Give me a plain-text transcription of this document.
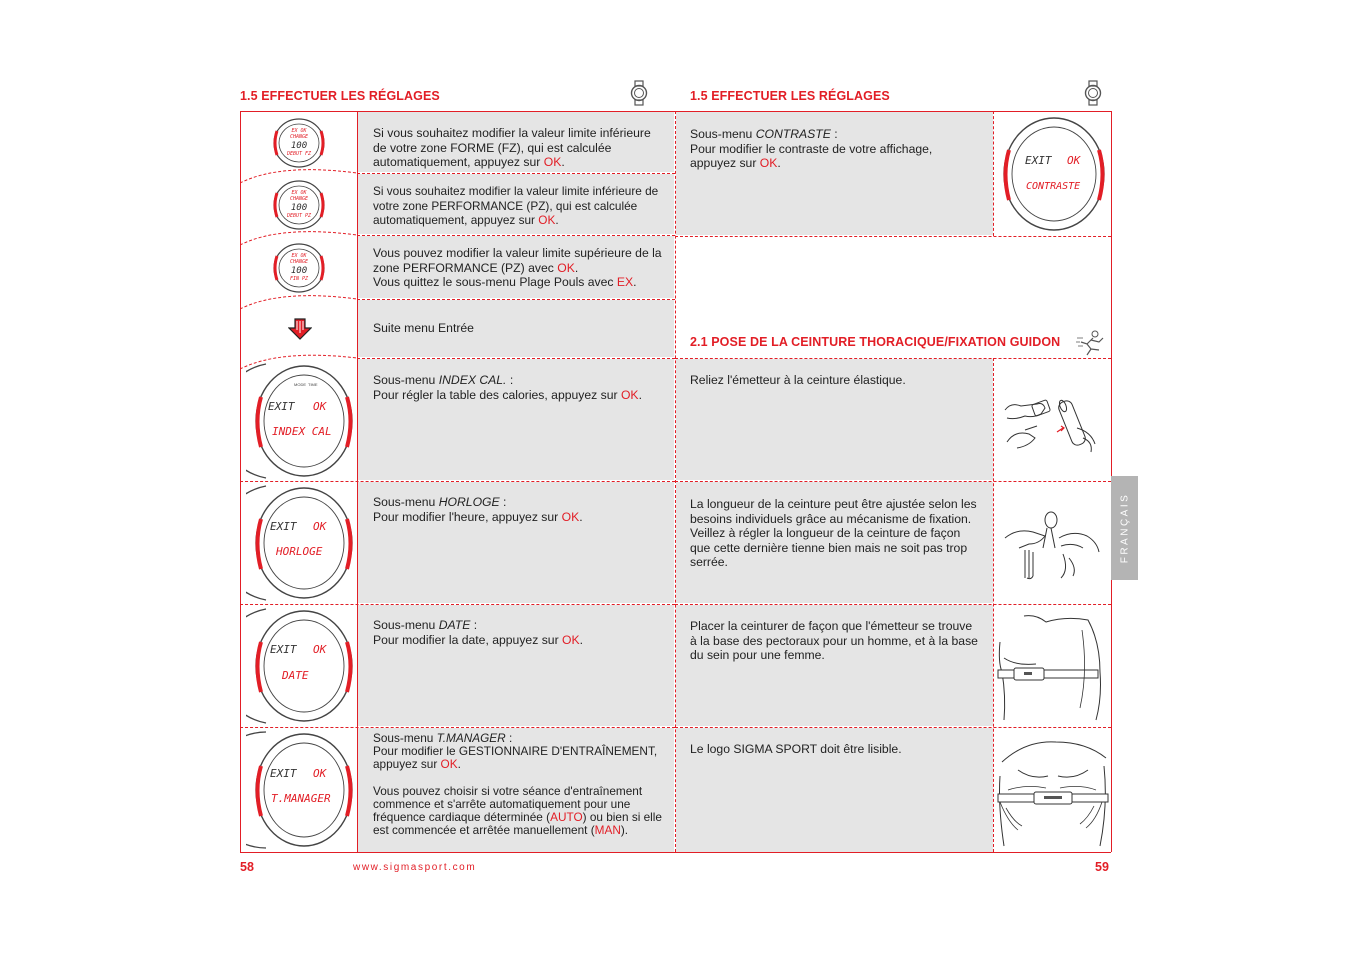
1.5 EFFECTUER LES RÉGLAGES
EX OK
CHANGE
100
DEBUT FZ
EX OK
CHANGE
100
DEBUT PZ
EX OK
CHANGE
100
FIN PZ
EXIT OK
INDEX CAL
MODE TIME
EXIT OK
HORLOGE
EXIT OK
DATE
EXIT OK
T.MANAGER
Si vous souhaitez modifier la valeur limite inférieure de votre zone FORME (FZ), qui est calculée automatiquement, appuyez sur OK.
Si vous souhaitez modifier la valeur limite inférieure de votre zone PERFORMANCE (PZ), qui est calculée automatiquement, appuyez sur OK.
Vous pouvez modifier la valeur limite supérieure de la zone PERFORMANCE (PZ) avec OK.
Vous quittez le sous-menu Plage Pouls avec EX.
Suite menu Entrée
Sous-menu INDEX CAL. :
Pour régler la table des calories, appuyez sur OK.
Sous-menu HORLOGE :
Pour modifier l'heure, appuyez sur OK.
Sous-menu DATE :
Pour modifier la date, appuyez sur OK.
Sous-menu T.MANAGER :
Pour modifier le GESTIONNAIRE D'ENTRAÎNEMENT, appuyez sur OK.

Vous pouvez choisir si votre séance d'entraînement commence et s'arrête automatiquement pour une fréquence cardiaque déterminée (AUTO) ou bien si elle est commencée et arrêtée manuellement (MAN).
58	www.sigmasport.com
1.5 EFFECTUER LES RÉGLAGES
EXIT OK
CONTRASTE
Sous-menu CONTRASTE :
Pour modifier le contraste de votre affichage, appuyez sur OK.
2.1 POSE DE LA CEINTURE THORACIQUE/FIXATION GUIDON
Reliez l'émetteur à la ceinture élastique.
La longueur de la ceinture peut être ajustée selon les besoins individuels grâce au mécanisme de fixation. Veillez à régler la longueur de la ceinture de façon que cette dernière tienne bien mais ne soit pas trop serrée.
Placer la ceinturer de façon que l'émetteur se trouve à la base des pectoraux pour un homme, et à la base du sein pour une femme.
Le logo SIGMA SPORT doit être lisible.
FRANÇAIS
59
